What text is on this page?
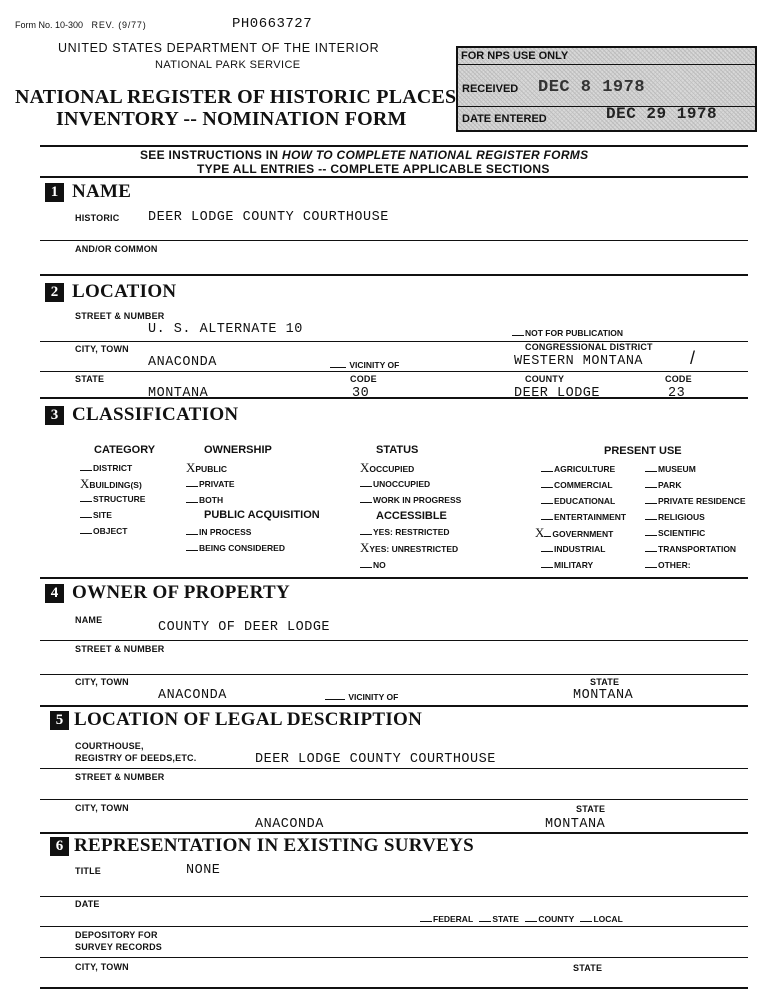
Form No. 10-300 REV. (9/77)	PH0663727
UNITED STATES DEPARTMENT OF THE INTERIOR
NATIONAL PARK SERVICE
NATIONAL REGISTER OF HISTORIC PLACES
INVENTORY -- NOMINATION FORM
FOR NPS USE ONLY
RECEIVED DEC 8 1978
DATE ENTERED	DEC 29 1978
SEE INSTRUCTIONS IN HOW TO COMPLETE NATIONAL REGISTER FORMS
TYPE ALL ENTRIES -- COMPLETE APPLICABLE SECTIONS
1 NAME
HISTORIC DEER LODGE COUNTY COURTHOUSE
AND/OR COMMON
2 LOCATION
STREET & NUMBER
U. S. ALTERNATE 10	NOT FOR PUBLICATION
CITY, TOWN	CONGRESSIONAL DISTRICT
ANACONDA	VICINITY OF	WESTERN MONTANA	/
STATE	CODE	COUNTY	CODE
MONTANA	30	DEER LODGE	23
3 CLASSIFICATION
CATEGORY	OWNERSHIP	STATUS	PRESENT USE
DISTRICT
XBUILDING(S)
STRUCTURE
SITE
OBJECT
XPUBLIC
PRIVATE
BOTH
PUBLIC ACQUISITION
IN PROCESS
BEING CONSIDERED
XOCCUPIED
UNOCCUPIED
WORK IN PROGRESS
ACCESSIBLE
YES: RESTRICTED
XYES: UNRESTRICTED
NO
AGRICULTURE
COMMERCIAL
EDUCATIONAL
ENTERTAINMENT
XGOVERNMENT
INDUSTRIAL
MILITARY
MUSEUM
PARK
PRIVATE RESIDENCE
RELIGIOUS
SCIENTIFIC
TRANSPORTATION
OTHER:
4 OWNER OF PROPERTY
NAME	COUNTY OF DEER LODGE
STREET & NUMBER
CITY, TOWN	STATE
ANACONDA	VICINITY OF	MONTANA
5 LOCATION OF LEGAL DESCRIPTION
COURTHOUSE,
REGISTRY OF DEEDS,ETC.	DEER LODGE COUNTY COURTHOUSE
STREET & NUMBER
CITY, TOWN	STATE
ANACONDA	MONTANA
6 REPRESENTATION IN EXISTING SURVEYS
TITLE	NONE
DATE
FEDERAL STATE COUNTY LOCAL
DEPOSITORY FOR
SURVEY RECORDS
CITY, TOWN	STATE
